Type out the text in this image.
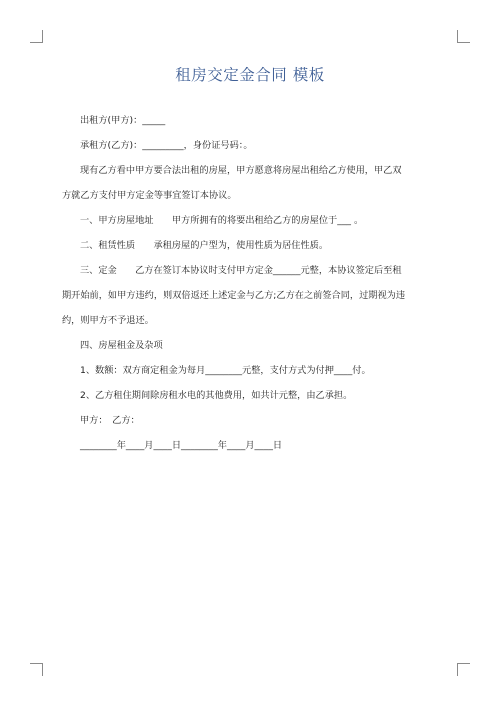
租房交定金合同 模板

出租方(甲方)：_____

承租方(乙方)：_________，身份证号码：。

现有乙方看中甲方要合法出租的房屋，甲方愿意将房屋出租给乙方使用，甲乙双

方就乙方支付甲方定金等事宜签订本协议。

一、甲方房屋地址　　甲方所拥有的将要出租给乙方的房屋位于___ 。

二、租赁性质　　承租房屋的户型为，使用性质为居住性质。

三、定金　　乙方在签订本协议时支付甲方定金______元整，本协议签定后至租

期开始前，如甲方违约，则双倍返还上述定金与乙方;乙方在之前签合同，过期视为违

约，则甲方不予退还。

四、房屋租金及杂项

1、数额：双方商定租金为每月________元整，支付方式为付押____付。

2、乙方租住期间除房租水电的其他费用，如共计元整，由乙承担。

甲方：　乙方：

________年____月____日________年____月____日
